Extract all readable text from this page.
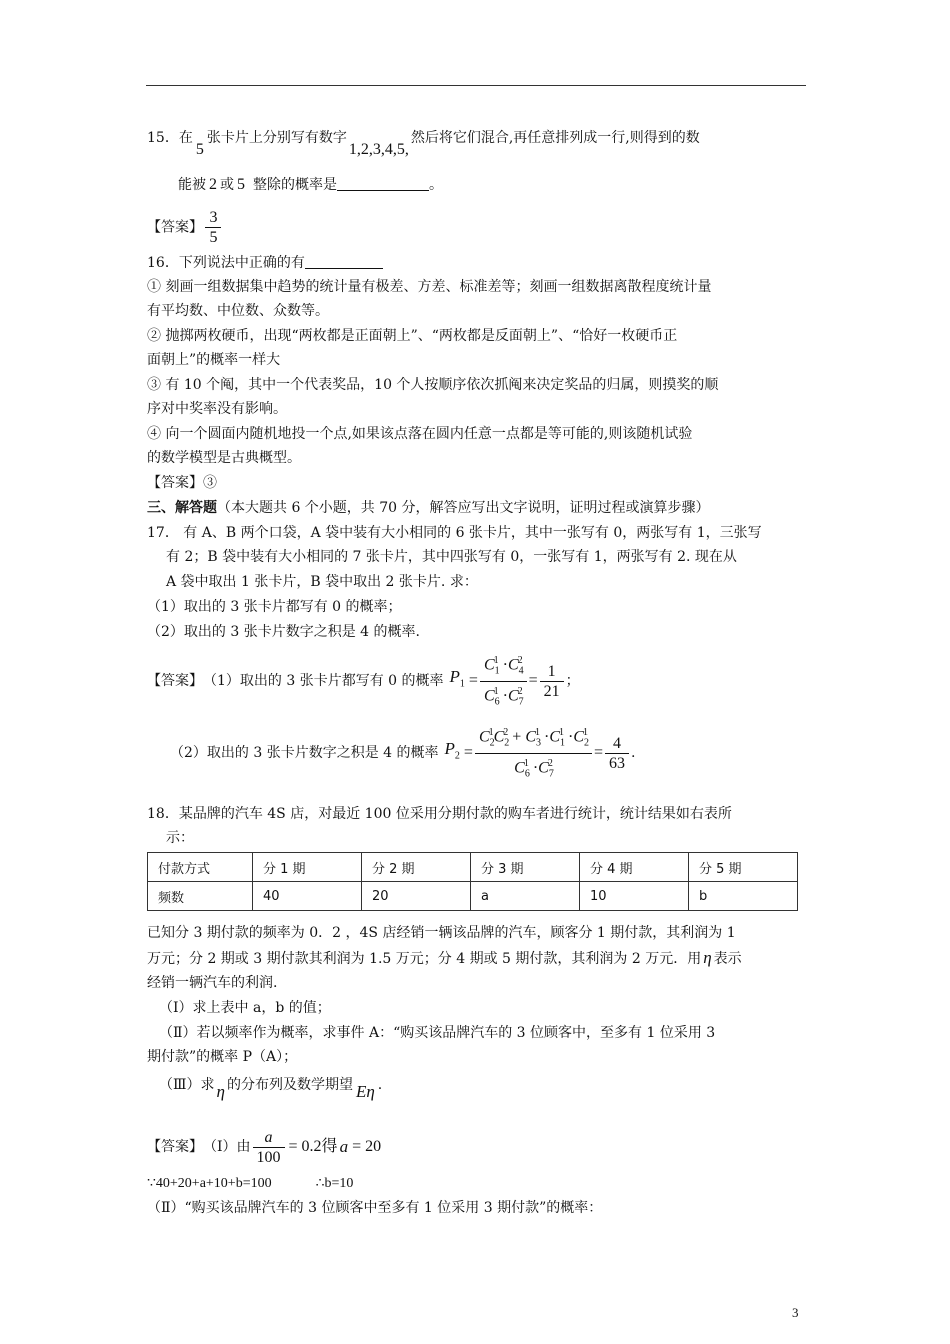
15．在5张卡片上分别写有数字1,2,3,4,5,然后将它们混合,再任意排列成一行,则得到的数
能被 2 或 5 整除的概率是	。
【答案】 $\frac{3}{5}$
16．下列说法中正确的有
① 刻画一组数据集中趋势的统计量有极差、方差、标准差等；刻画一组数据离散程度统计量
有平均数、中位数、众数等。
② 抛掷两枚硬币，出现“两枚都是正面朝上”、“两枚都是反面朝上”、“恰好一枚硬币正
面朝上”的概率一样大
③ 有 10 个阄，其中一个代表奖品，10 个人按顺序依次抓阄来决定奖品的归属，则摸奖的顺
序对中奖率没有影响。
④ 向一个圆面内随机地投一个点,如果该点落在圆内任意一点都是等可能的,则该随机试验
的数学模型是古典概型。
【答案】③
三、解答题（本大题共 6 个小题，共 70 分，解答应写出文字说明，证明过程或演算步骤）
17． 有 A、B 两个口袋，A 袋中装有大小相同的 6 张卡片，其中一张写有 0，两张写有 1，三张写
有 2；B 袋中装有大小相同的 7 张卡片，其中四张写有 0，一张写有 1，两张写有 2. 现在从
A 袋中取出 1 张卡片，B 袋中取出 2 张卡片. 求：
（1）取出的 3 张卡片都写有 0 的概率；
（2）取出的 3 张卡片数字之积是 4 的概率.
【答案】 （1）取出的 3 张卡片都写有 0 的概率 $P_1 = \frac{C_1^1 \cdot C_4^2}{C_6^1 \cdot C_7^2} = \frac{1}{21}$ ；
（2）取出的 3 张卡片数字之积是 4 的概率 $P_2 = \frac{C_2^1C_2^2 + C_3^1 \cdot C_1^1 \cdot C_2^1}{C_6^1 \cdot C_7^2} = \frac{4}{63}$ .
18．某品牌的汽车 4S 店，对最近 100 位采用分期付款的购车者进行统计，统计结果如右表所
示：
付款方式	分 1 期	分 2 期	分 3 期	分 4 期	分 5 期
频数	40	20	a	10	b
已知分 3 期付款的频率为 0．2 ，4S 店经销一辆该品牌的汽车，顾客分 1 期付款，其利润为 1
万元；分 2 期或 3 期付款其利润为 1.5 万元；分 4 期或 5 期付款，其利润为 2 万元．用 η 表示
经销一辆汽车的利润.
（Ⅰ）求上表中 a，b 的值；
（Ⅱ）若以频率作为概率，求事件 A：“购买该品牌汽车的 3 位顾客中，至多有 1 位采用 3
期付款”的概率 P（A）；
（Ⅲ）求 η 的分布列及数学期望 Eη .
【答案】 （Ⅰ）由 $\frac{a}{100} = 0.2$得 a = 20
∵40+20+a+10+b=100	∴b=10
（Ⅱ）“购买该品牌汽车的 3 位顾客中至多有 1 位采用 3 期付款”的概率：
3
